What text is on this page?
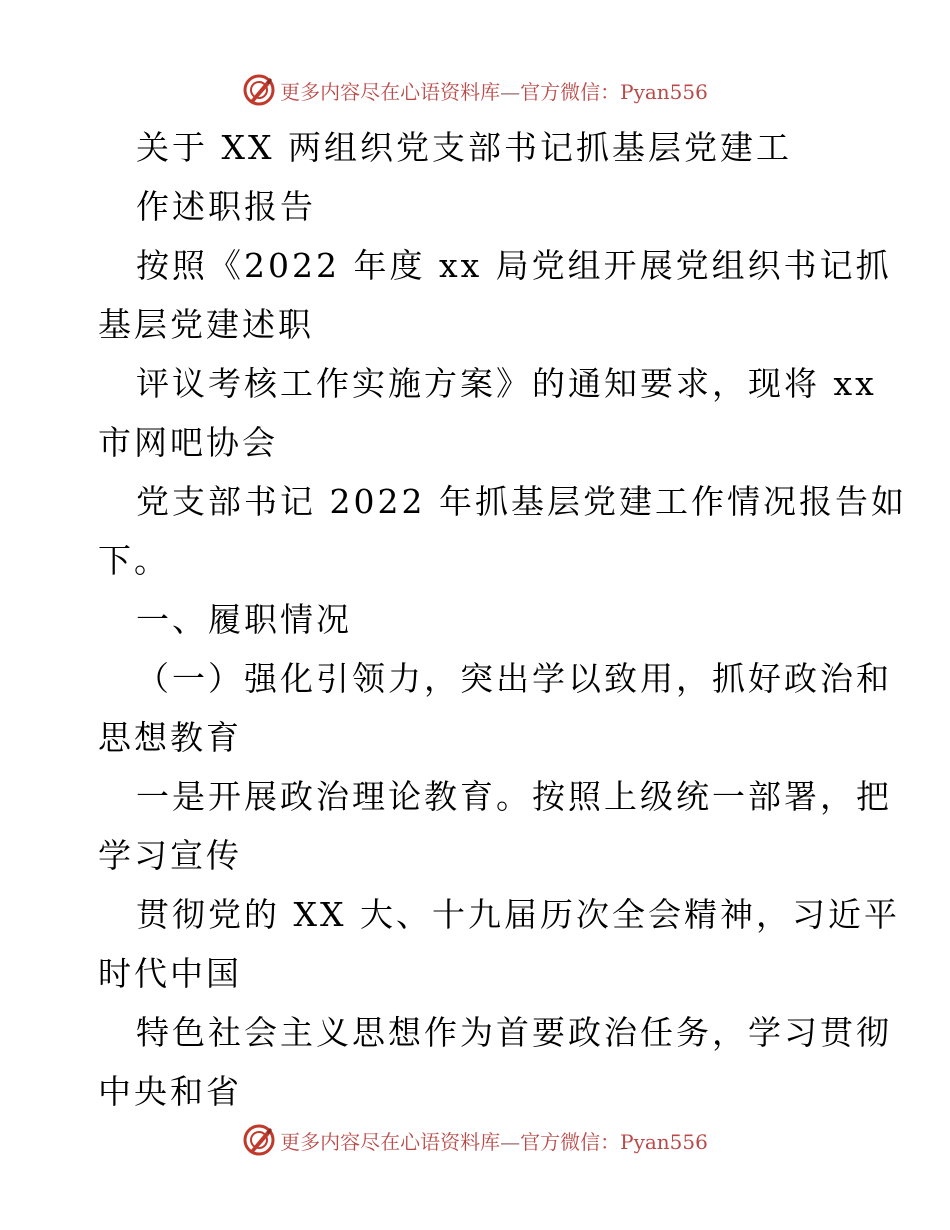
更多内容尽在心语资料库—官方微信：Pyan556
关于 XX 两组织党支部书记抓基层党建工
作述职报告
按照《2022 年度 xx 局党组开展党组织书记抓
基层党建述职
评议考核工作实施方案》的通知要求，现将 xx
市网吧协会
党支部书记 2022 年抓基层党建工作情况报告如
下。
一、履职情况
（一）强化引领力，突出学以致用，抓好政治和
思想教育
一是开展政治理论教育。按照上级统一部署，把
学习宣传
贯彻党的 XX 大、十九届历次全会精神，习近平
时代中国
特色社会主义思想作为首要政治任务，学习贯彻
中央和省
更多内容尽在心语资料库—官方微信：Pyan556
